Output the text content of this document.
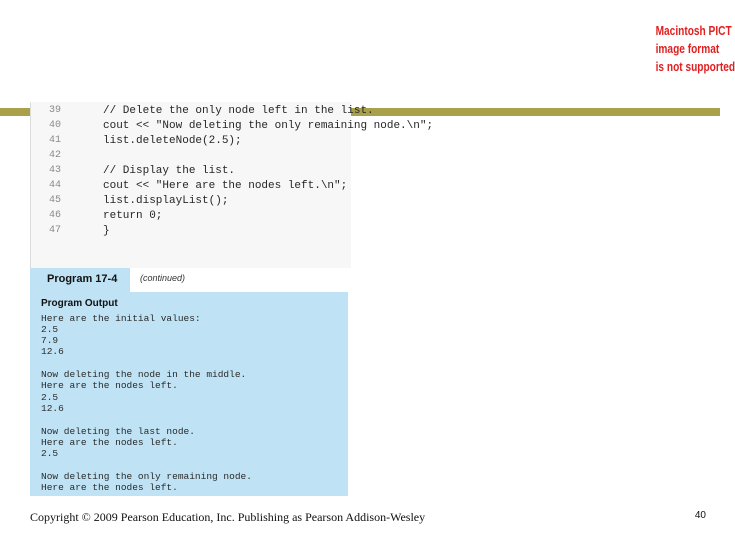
Macintosh PICT
image format
is not supported
39	// Delete the only node left in the list.
40	cout << "Now deleting the only remaining node.\n";
41	list.deleteNode(2.5);
42
43	// Display the list.
44	cout << "Here are the nodes left.\n";
45	list.displayList();
46	return 0;
47	}
Program 17-4	(continued)
Program Output
Here are the initial values:
2.5
7.9
12.6
Now deleting the node in the middle.
Here are the nodes left.
2.5
12.6
Now deleting the last node.
Here are the nodes left.
2.5
Now deleting the only remaining node.
Here are the nodes left.
Copyright © 2009 Pearson Education, Inc. Publishing as Pearson Addison-Wesley	40
